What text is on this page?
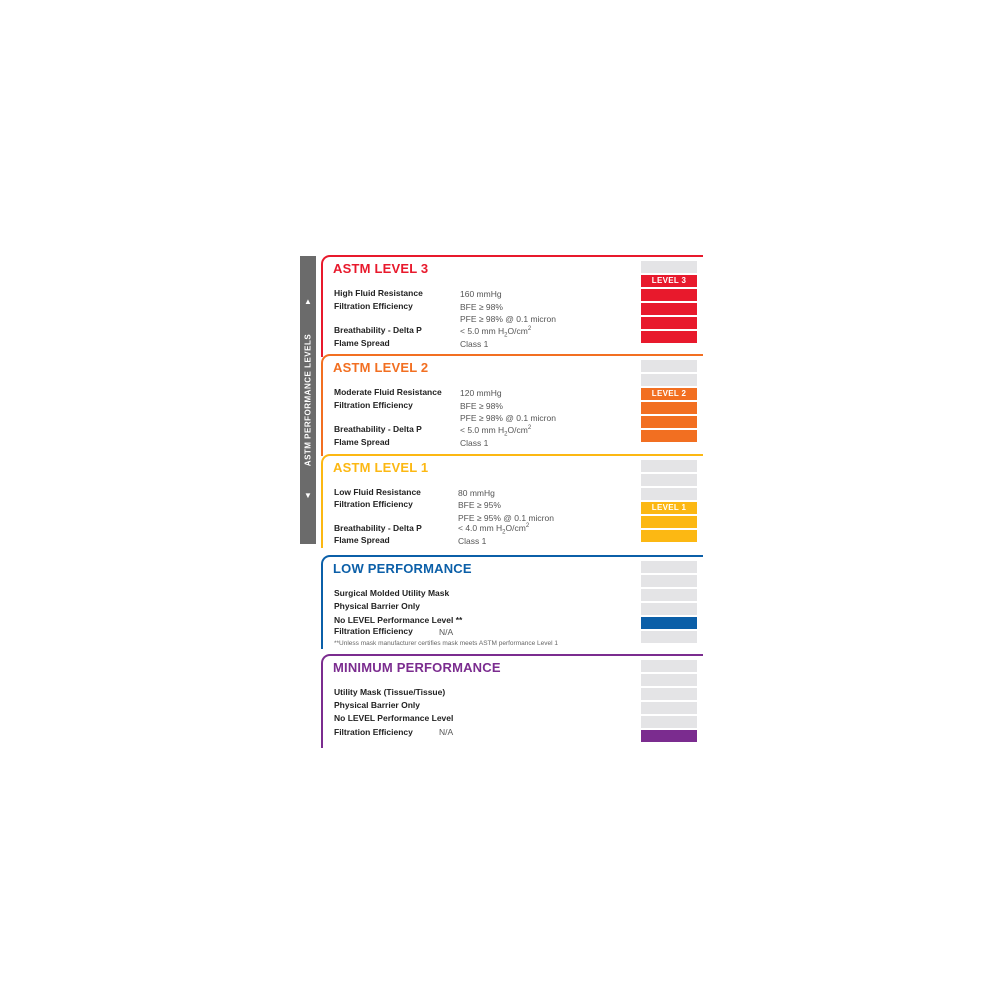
▲
ASTM PERFORMANCE LEVELS
▼
ASTM LEVEL 3
High Fluid Resistance	160 mmHg
Filtration Efficiency	BFE ≥ 98%
PFE ≥ 98% @ 0.1 micron
Breathability - Delta P	< 5.0 mm $H_2O/cm^2$
Flame Spread	Class 1
LEVEL 3
ASTM LEVEL 2
Moderate Fluid Resistance 120 mmHg
Filtration Efficiency	BFE ≥ 98%
PFE ≥ 98% @ 0.1 micron
Breathability - Delta P	< 5.0 mm $H_2O/cm^2$
Flame Spread	Class 1
LEVEL 2
ASTM LEVEL 1
Low Fluid Resistance	80 mmHg
Filtration Efficiency	BFE ≥ 95%
PFE ≥ 95% @ 0.1 micron
Breathability - Delta P	< 4.0 mm $H_2O/cm^2$
Flame Spread	Class 1
LEVEL 1
LOW PERFORMANCE
Surgical Molded Utility Mask
Physical Barrier Only
No LEVEL Performance Level **
Filtration Efficiency	N/A
**Unless mask manufacturer certifies mask meets ASTM performance Level 1
MINIMUM PERFORMANCE
Utility Mask (Tissue/Tissue)
Physical Barrier Only
No LEVEL Performance Level
Filtration Efficiency	N/A
